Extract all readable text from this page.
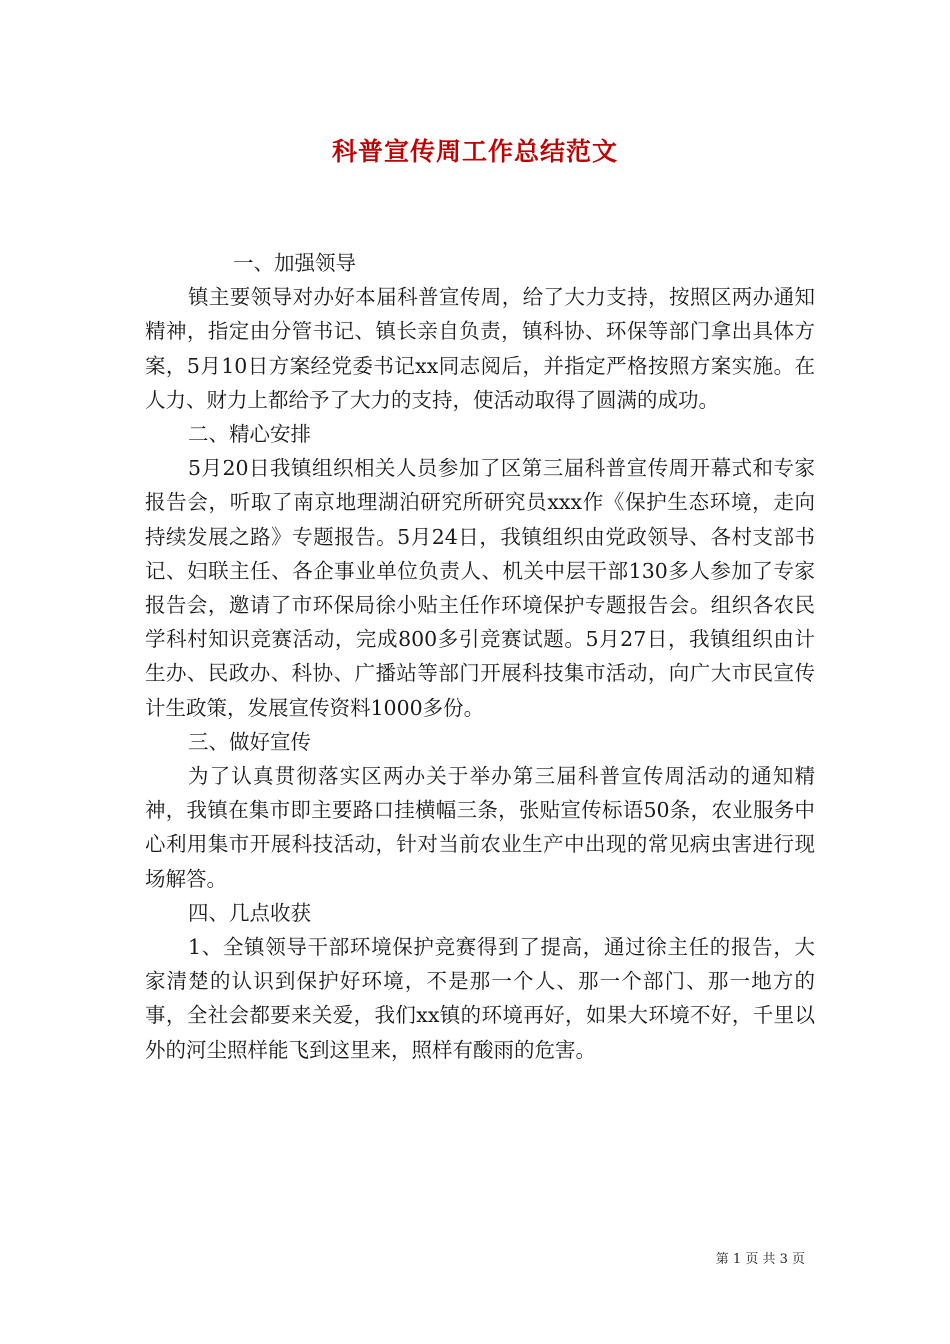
科普宣传周工作总结范文

一、加强领导

镇主要领导对办好本届科普宣传周，给了大力支持，按照区两办通知精神，指定由分管书记、镇长亲自负责，镇科协、环保等部门拿出具体方案，5月10日方案经党委书记xx同志阅后，并指定严格按照方案实施。在人力、财力上都给予了大力的支持，使活动取得了圆满的成功。

二、精心安排

5月20日我镇组织相关人员参加了区第三届科普宣传周开幕式和专家报告会，听取了南京地理湖泊研究所研究员xxx作《保护生态环境，走向持续发展之路》专题报告。5月24日，我镇组织由党政领导、各村支部书记、妇联主任、各企事业单位负责人、机关中层干部130多人参加了专家报告会，邀请了市环保局徐小贴主任作环境保护专题报告会。组织各农民学科村知识竞赛活动，完成800多引竞赛试题。5月27日，我镇组织由计生办、民政办、科协、广播站等部门开展科技集市活动，向广大市民宣传计生政策，发展宣传资料1000多份。

三、做好宣传

为了认真贯彻落实区两办关于举办第三届科普宣传周活动的通知精神，我镇在集市即主要路口挂横幅三条，张贴宣传标语50条，农业服务中心利用集市开展科技活动，针对当前农业生产中出现的常见病虫害进行现场解答。

四、几点收获

1、全镇领导干部环境保护竞赛得到了提高，通过徐主任的报告，大家清楚的认识到保护好环境，不是那一个人、那一个部门、那一地方的事，全社会都要来关爱，我们xx镇的环境再好，如果大环境不好，千里以外的河尘照样能飞到这里来，照样有酸雨的危害。

第 1 页 共 3 页
